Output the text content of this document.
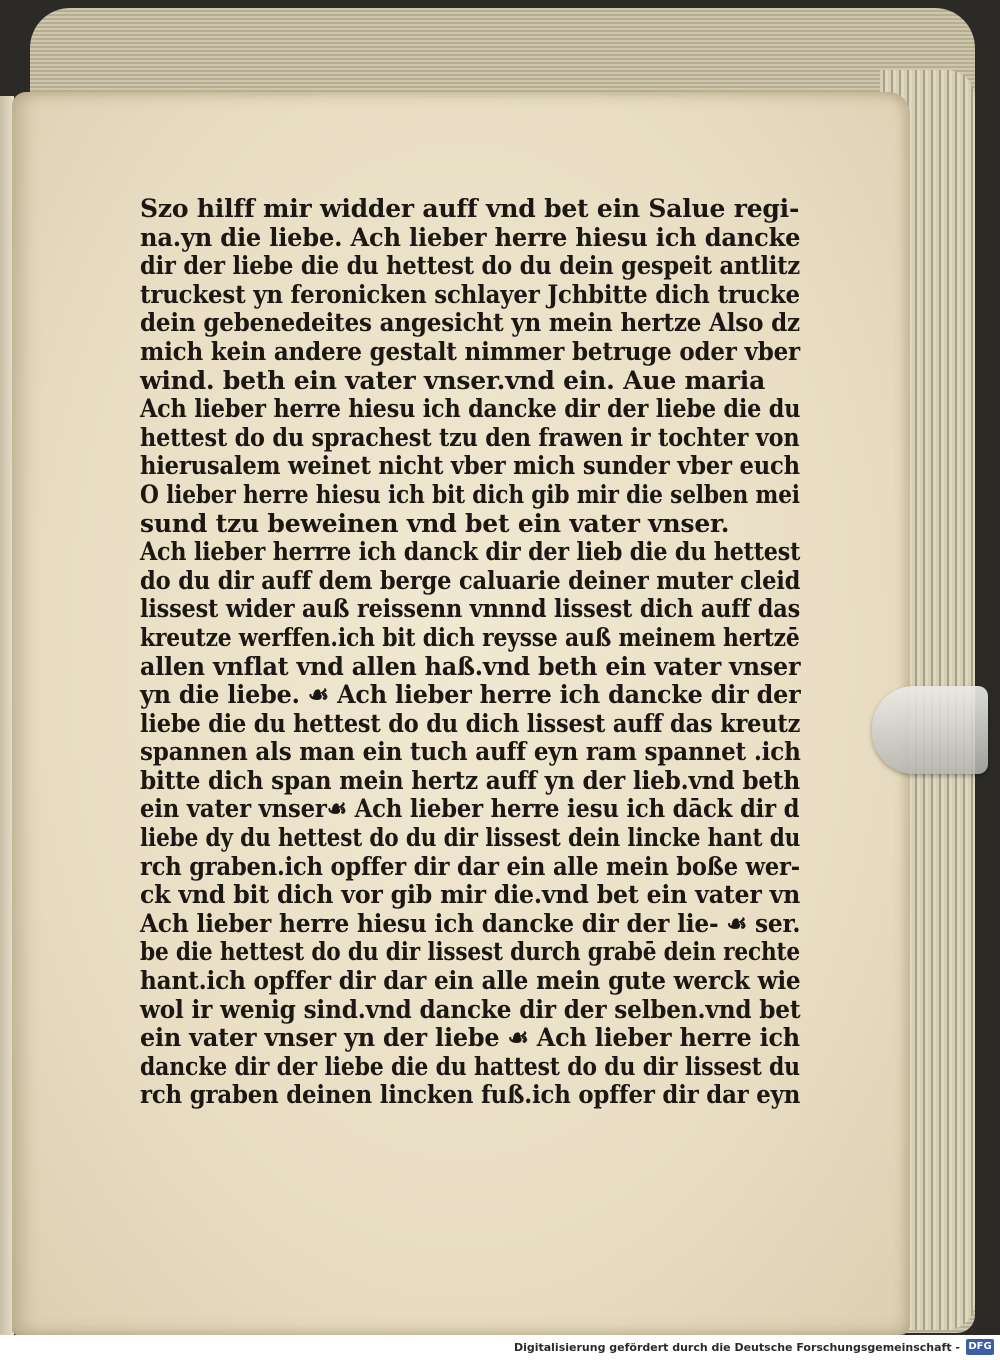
Szo hilff mir widder auff vnd bet ein Salue regi-
na.yn die liebe. Ach lieber herre hiesu ich dancke
dir der liebe die du hettest do du dein gespeit antlitz
truckest yn feronicken schlayer Jchbitte dich trucke
dein gebenedeites angesicht yn mein hertze Also dz
mich kein andere gestalt nimmer betruge oder vber
wind. beth ein vater vnser.vnd ein. Aue maria
Ach lieber herre hiesu ich dancke dir der liebe die du
hettest do du sprachest tzu den frawen ir tochter von
hierusalem weinet nicht vber mich sunder vber euch
O lieber herre hiesu ich bit dich gib mir die selben mei
sund tzu beweinen vnd bet ein vater vnser.
Ach lieber herrre ich danck dir der lieb die du hettest
do du dir auff dem berge caluarie deiner muter cleid
lissest wider auß reissenn vnnnd lissest dich auff das
kreutze werffen.ich bit dich reysse auß meinem hertzē
allen vnflat vnd allen haß.vnd beth ein vater vnser
yn die liebe. ☙ Ach lieber herre ich dancke dir der
liebe die du hettest do du dich lissest auff das kreutz
spannen als man ein tuch auff eyn ram spannet .ich
bitte dich span mein hertz auff yn der lieb.vnd beth
ein vater vnser☙ Ach lieber herre iesu ich dāck dir d
liebe dy du hettest do du dir lissest dein lincke hant du
rch graben.ich opffer dir dar ein alle mein boße wer-
ck vnd bit dich vor gib mir die.vnd bet ein vater vn
Ach lieber herre hiesu ich dancke dir der lie- ☙ ser.
be die hettest do du dir lissest durch grabē dein rechte
hant.ich opffer dir dar ein alle mein gute werck wie
wol ir wenig sind.vnd dancke dir der selben.vnd bet
ein vater vnser yn der liebe ☙ Ach lieber herre ich
dancke dir der liebe die du hattest do du dir lissest du
rch graben deinen lincken fuß.ich opffer dir dar eyn
Digitalisierung gefördert durch die Deutsche Forschungsgemeinschaft - DFG
